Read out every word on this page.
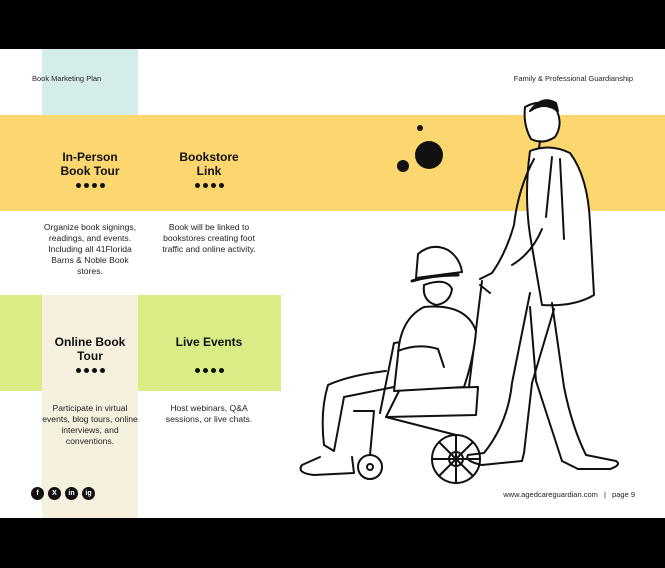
Book Marketing Plan	Family & Professional Guardianship
In-Person Book Tour
Organize book signings, readings, and events. Including all 41Florida Barns & Noble Book stores.
Bookstore Link
Book will be linked to bookstores creating foot traffic and online activity.
Online Book Tour
Participate in virtual events, blog tours, online interviews, and conventions.
Live Events
Host webinars, Q&A sessions, or live chats.
f	X	in	ig	www.agedcareguardian.com | page 9
